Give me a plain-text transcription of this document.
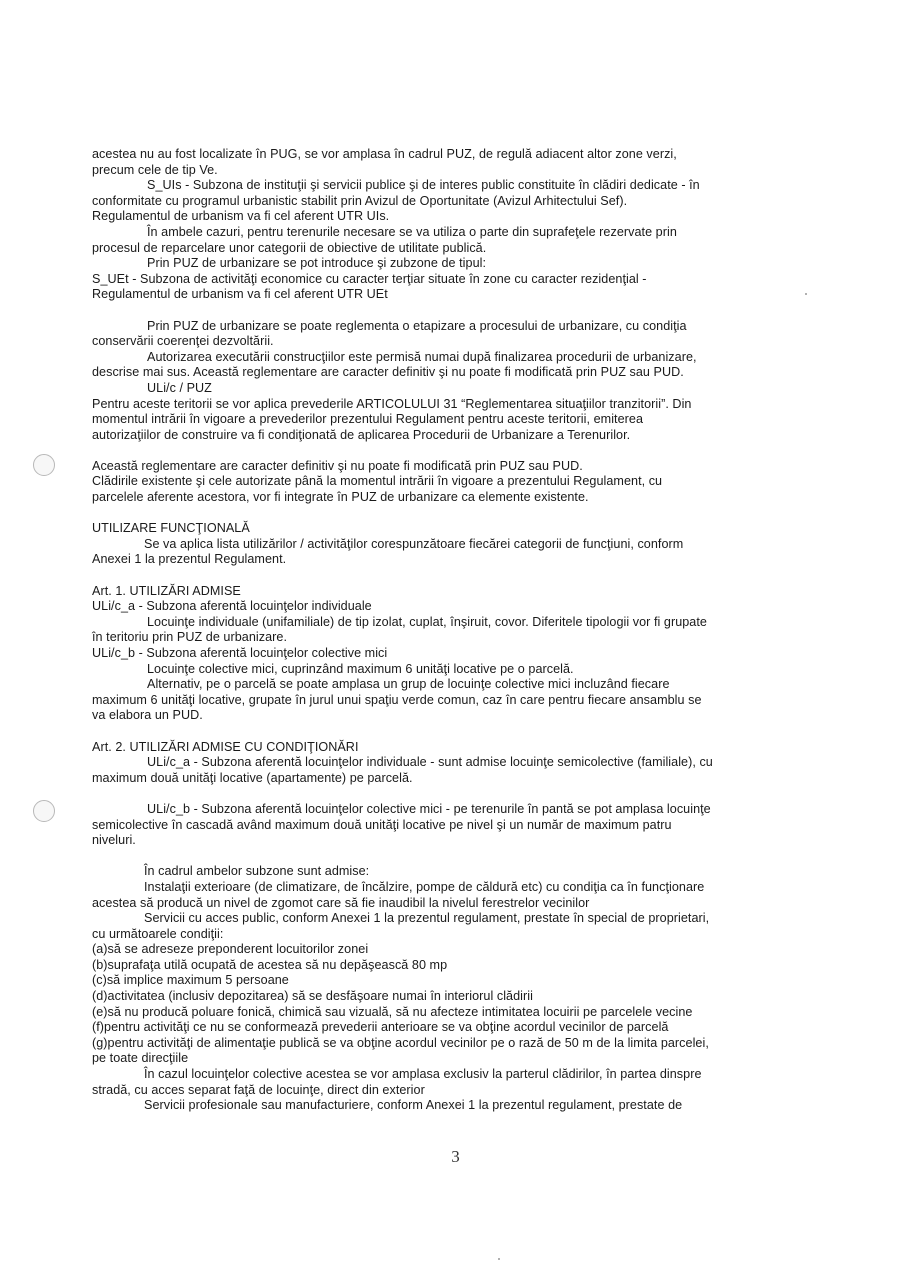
acestea nu au fost localizate în PUG, se vor amplasa în cadrul PUZ, de regulă adiacent altor zone verzi,
precum cele de tip Ve.
S_UIs - Subzona de instituţii şi servicii publice şi de interes public constituite în clădiri dedicate - în
conformitate cu programul urbanistic stabilit prin Avizul de Oportunitate (Avizul Arhitectului Sef).
Regulamentul de urbanism va fi cel aferent UTR UIs.
În ambele cazuri, pentru terenurile necesare se va utiliza o parte din suprafeţele rezervate prin
procesul de reparcelare unor categorii de obiective de utilitate publică.
Prin PUZ de urbanizare se pot introduce şi zubzone de tipul:
S_UEt - Subzona de activităţi economice cu caracter terţiar situate în zone cu caracter rezidenţial -
Regulamentul de urbanism va fi cel aferent UTR UEt
Prin PUZ de urbanizare se poate reglementa o etapizare a procesului de urbanizare, cu condiţia
conservării coerenţei dezvoltării.
Autorizarea executării construcţiilor este permisă numai după finalizarea procedurii de urbanizare,
descrise mai sus. Această reglementare are caracter definitiv şi nu poate fi modificată prin PUZ sau PUD.
ULi/c / PUZ
Pentru aceste teritorii se vor aplica prevederile ARTICOLULUI 31 “Reglementarea situaţiilor tranzitorii”. Din
momentul intrării în vigoare a prevederilor prezentului Regulament pentru aceste teritorii, emiterea
autorizaţiilor de construire va fi condiţionată de aplicarea Procedurii de Urbanizare a Terenurilor.
Această reglementare are caracter definitiv şi nu poate fi modificată prin PUZ sau PUD.
Clădirile existente şi cele autorizate până la momentul intrării în vigoare a prezentului Regulament, cu
parcelele aferente acestora, vor fi integrate în PUZ de urbanizare ca elemente existente.
UTILIZARE FUNCŢIONALĂ
Se va aplica lista utilizărilor / activităţilor corespunzătoare fiecărei categorii de funcţiuni, conform
Anexei 1 la prezentul Regulament.
Art. 1. UTILIZĂRI ADMISE
ULi/c_a - Subzona aferentă locuinţelor individuale
Locuinţe individuale (unifamiliale) de tip izolat, cuplat, înşiruit, covor. Diferitele tipologii vor fi grupate
în teritoriu prin PUZ de urbanizare.
ULi/c_b - Subzona aferentă locuinţelor colective mici
Locuinţe colective mici, cuprinzând maximum 6 unităţi locative pe o parcelă.
Alternativ, pe o parcelă se poate amplasa un grup de locuinţe colective mici incluzând fiecare
maximum 6 unităţi locative, grupate în jurul unui spaţiu verde comun, caz în care pentru fiecare ansamblu se
va elabora un PUD.
Art. 2. UTILIZĂRI ADMISE CU CONDIŢIONĂRI
ULi/c_a - Subzona aferentă locuinţelor individuale - sunt admise locuinţe semicolective (familiale), cu
maximum două unităţi locative (apartamente) pe parcelă.
ULi/c_b - Subzona aferentă locuinţelor colective mici - pe terenurile în pantă se pot amplasa locuinţe
semicolective în cascadă având maximum două unităţi locative pe nivel şi un număr de maximum patru
niveluri.
În cadrul ambelor subzone sunt admise:
Instalaţii exterioare (de climatizare, de încălzire, pompe de căldură etc) cu condiţia ca în funcţionare
acestea să producă un nivel de zgomot care să fie inaudibil la nivelul ferestrelor vecinilor
Servicii cu acces public, conform Anexei 1 la prezentul regulament, prestate în special de proprietari,
cu următoarele condiţii:
(a)să se adreseze preponderent locuitorilor zonei
(b)suprafaţa utilă ocupată de acestea să nu depăşească 80 mp
(c)să implice maximum 5 persoane
(d)activitatea (inclusiv depozitarea) să se desfăşoare numai în interiorul clădirii
(e)să nu producă poluare fonică, chimică sau vizuală, să nu afecteze intimitatea locuirii pe parcelele vecine
(f)pentru activităţi ce nu se conformează prevederii anterioare se va obţine acordul vecinilor de parcelă
(g)pentru activităţi de alimentaţie publică se va obţine acordul vecinilor pe o rază de 50 m de la limita parcelei,
pe toate direcţiile
În cazul locuinţelor colective acestea se vor amplasa exclusiv la parterul clădirilor, în partea dinspre
stradă, cu acces separat faţă de locuinţe, direct din exterior
Servicii profesionale sau manufacturiere, conform Anexei 1 la prezentul regulament, prestate de
3
